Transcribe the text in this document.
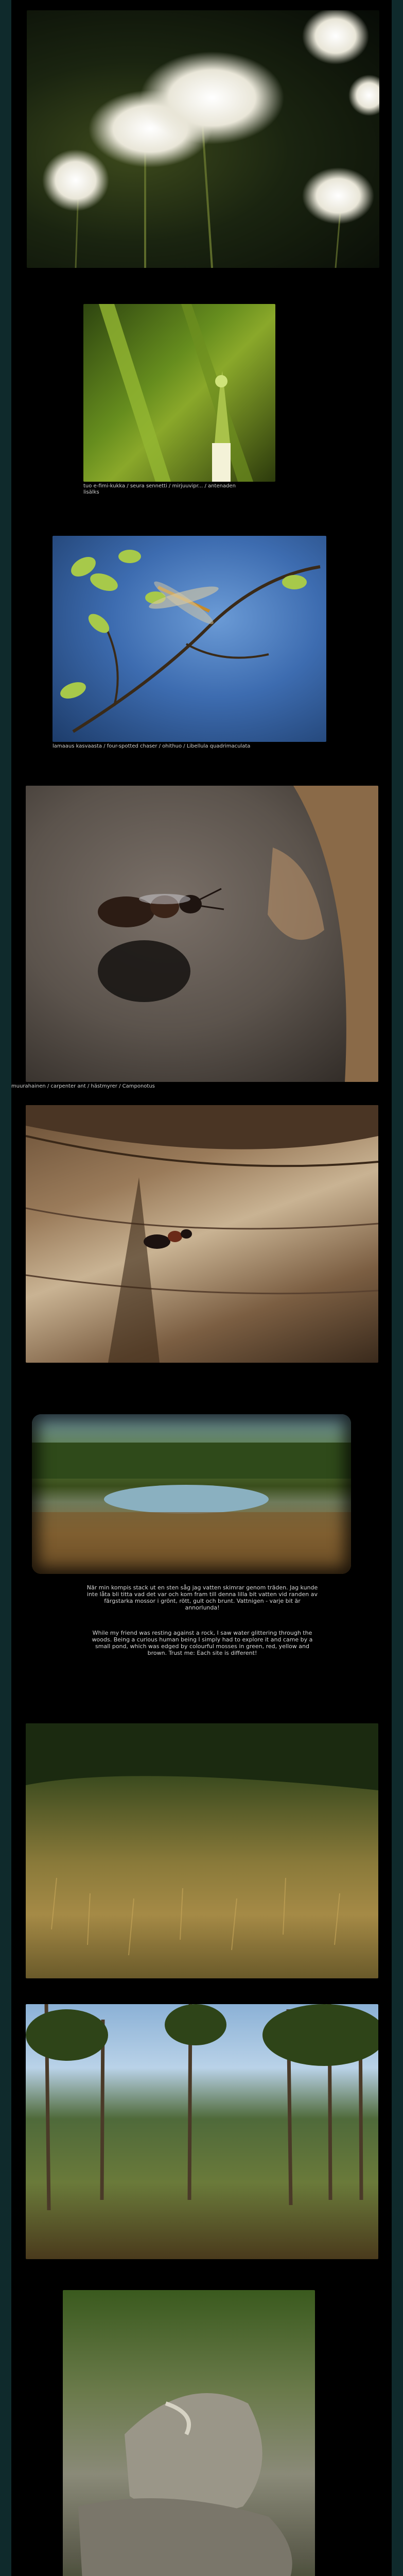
tuo e-fimi-kukka / seura sennetti / mirjuuvipr... / antenaden lisälks
lamaaus kasvaasta / four-spotted chaser / ohithuo / Libellula quadrimaculata
muurahainen / carpenter ant / hästmyrer / Camponotus
När min kompis stack ut en sten såg jag vatten skimrar genom träden. Jag kunde inte låta bli titta vad det var och kom fram till denna lilla bit vatten vid randen av färgstarka mossor i grönt, rött, gult och brunt. Vattnigen - varje bit är annorlunda!
While my friend was resting against a rock, I saw water glittering through the woods. Being a curious human being I simply had to explore it and came by a small pond, which was edged by colourful mosses in green, red, yellow and brown. Trust me: Each site is different!
